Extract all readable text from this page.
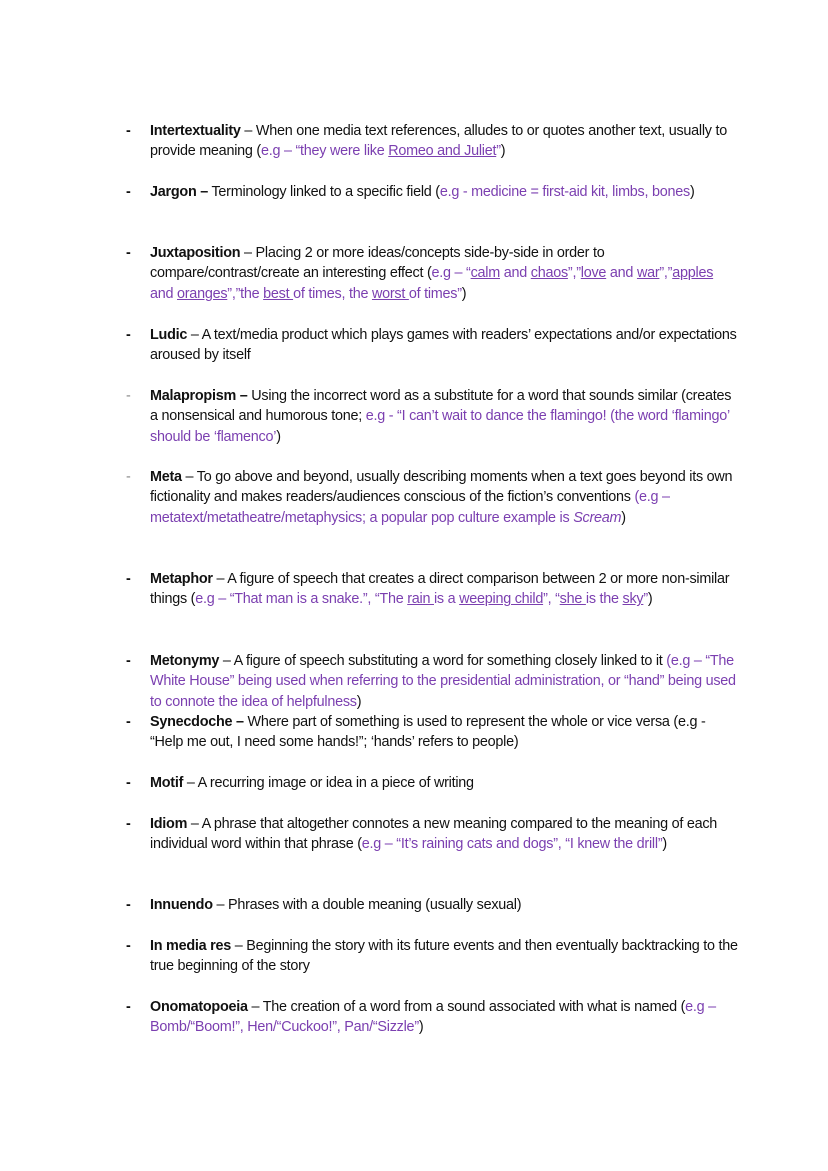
- Intertextuality – When one media text references, alludes to or quotes another text, usually to provide meaning (e.g – “they were like Romeo and Juliet”)
- Jargon – Terminology linked to a specific field (e.g - medicine = first-aid kit, limbs, bones)
- Juxtaposition – Placing 2 or more ideas/concepts side-by-side in order to compare/contrast/create an interesting effect (e.g – “calm and chaos”,”love and war”,”apples and oranges”,”the best of times, the worst of times”)
- Ludic – A text/media product which plays games with readers’ expectations and/or expectations aroused by itself
- Malapropism – Using the incorrect word as a substitute for a word that sounds similar (creates a nonsensical and humorous tone; e.g - “I can’t wait to dance the flamingo! (the word ‘flamingo’ should be ‘flamenco’)
- Meta – To go above and beyond, usually describing moments when a text goes beyond its own fictionality and makes readers/audiences conscious of the fiction’s conventions (e.g – metatext/metatheatre/metaphysics; a popular pop culture example is Scream)
- Metaphor – A figure of speech that creates a direct comparison between 2 or more non-similar things (e.g – “That man is a snake.”, “The rain is a weeping child”, “she is the sky”)
- Metonymy – A figure of speech substituting a word for something closely linked to it (e.g – “The White House” being used when referring to the presidential administration, or “hand” being used to connote the idea of helpfulness)
- Synecdoche – Where part of something is used to represent the whole or vice versa (e.g - “Help me out, I need some hands!”; ‘hands’ refers to people)
- Motif – A recurring image or idea in a piece of writing
- Idiom – A phrase that altogether connotes a new meaning compared to the meaning of each individual word within that phrase (e.g – “It’s raining cats and dogs”, “I knew the drill”)
- Innuendo – Phrases with a double meaning (usually sexual)
- In media res – Beginning the story with its future events and then eventually backtracking to the true beginning of the story
- Onomatopoeia – The creation of a word from a sound associated with what is named (e.g – Bomb/“Boom!”, Hen/“Cuckoo!”, Pan/“Sizzle”)
